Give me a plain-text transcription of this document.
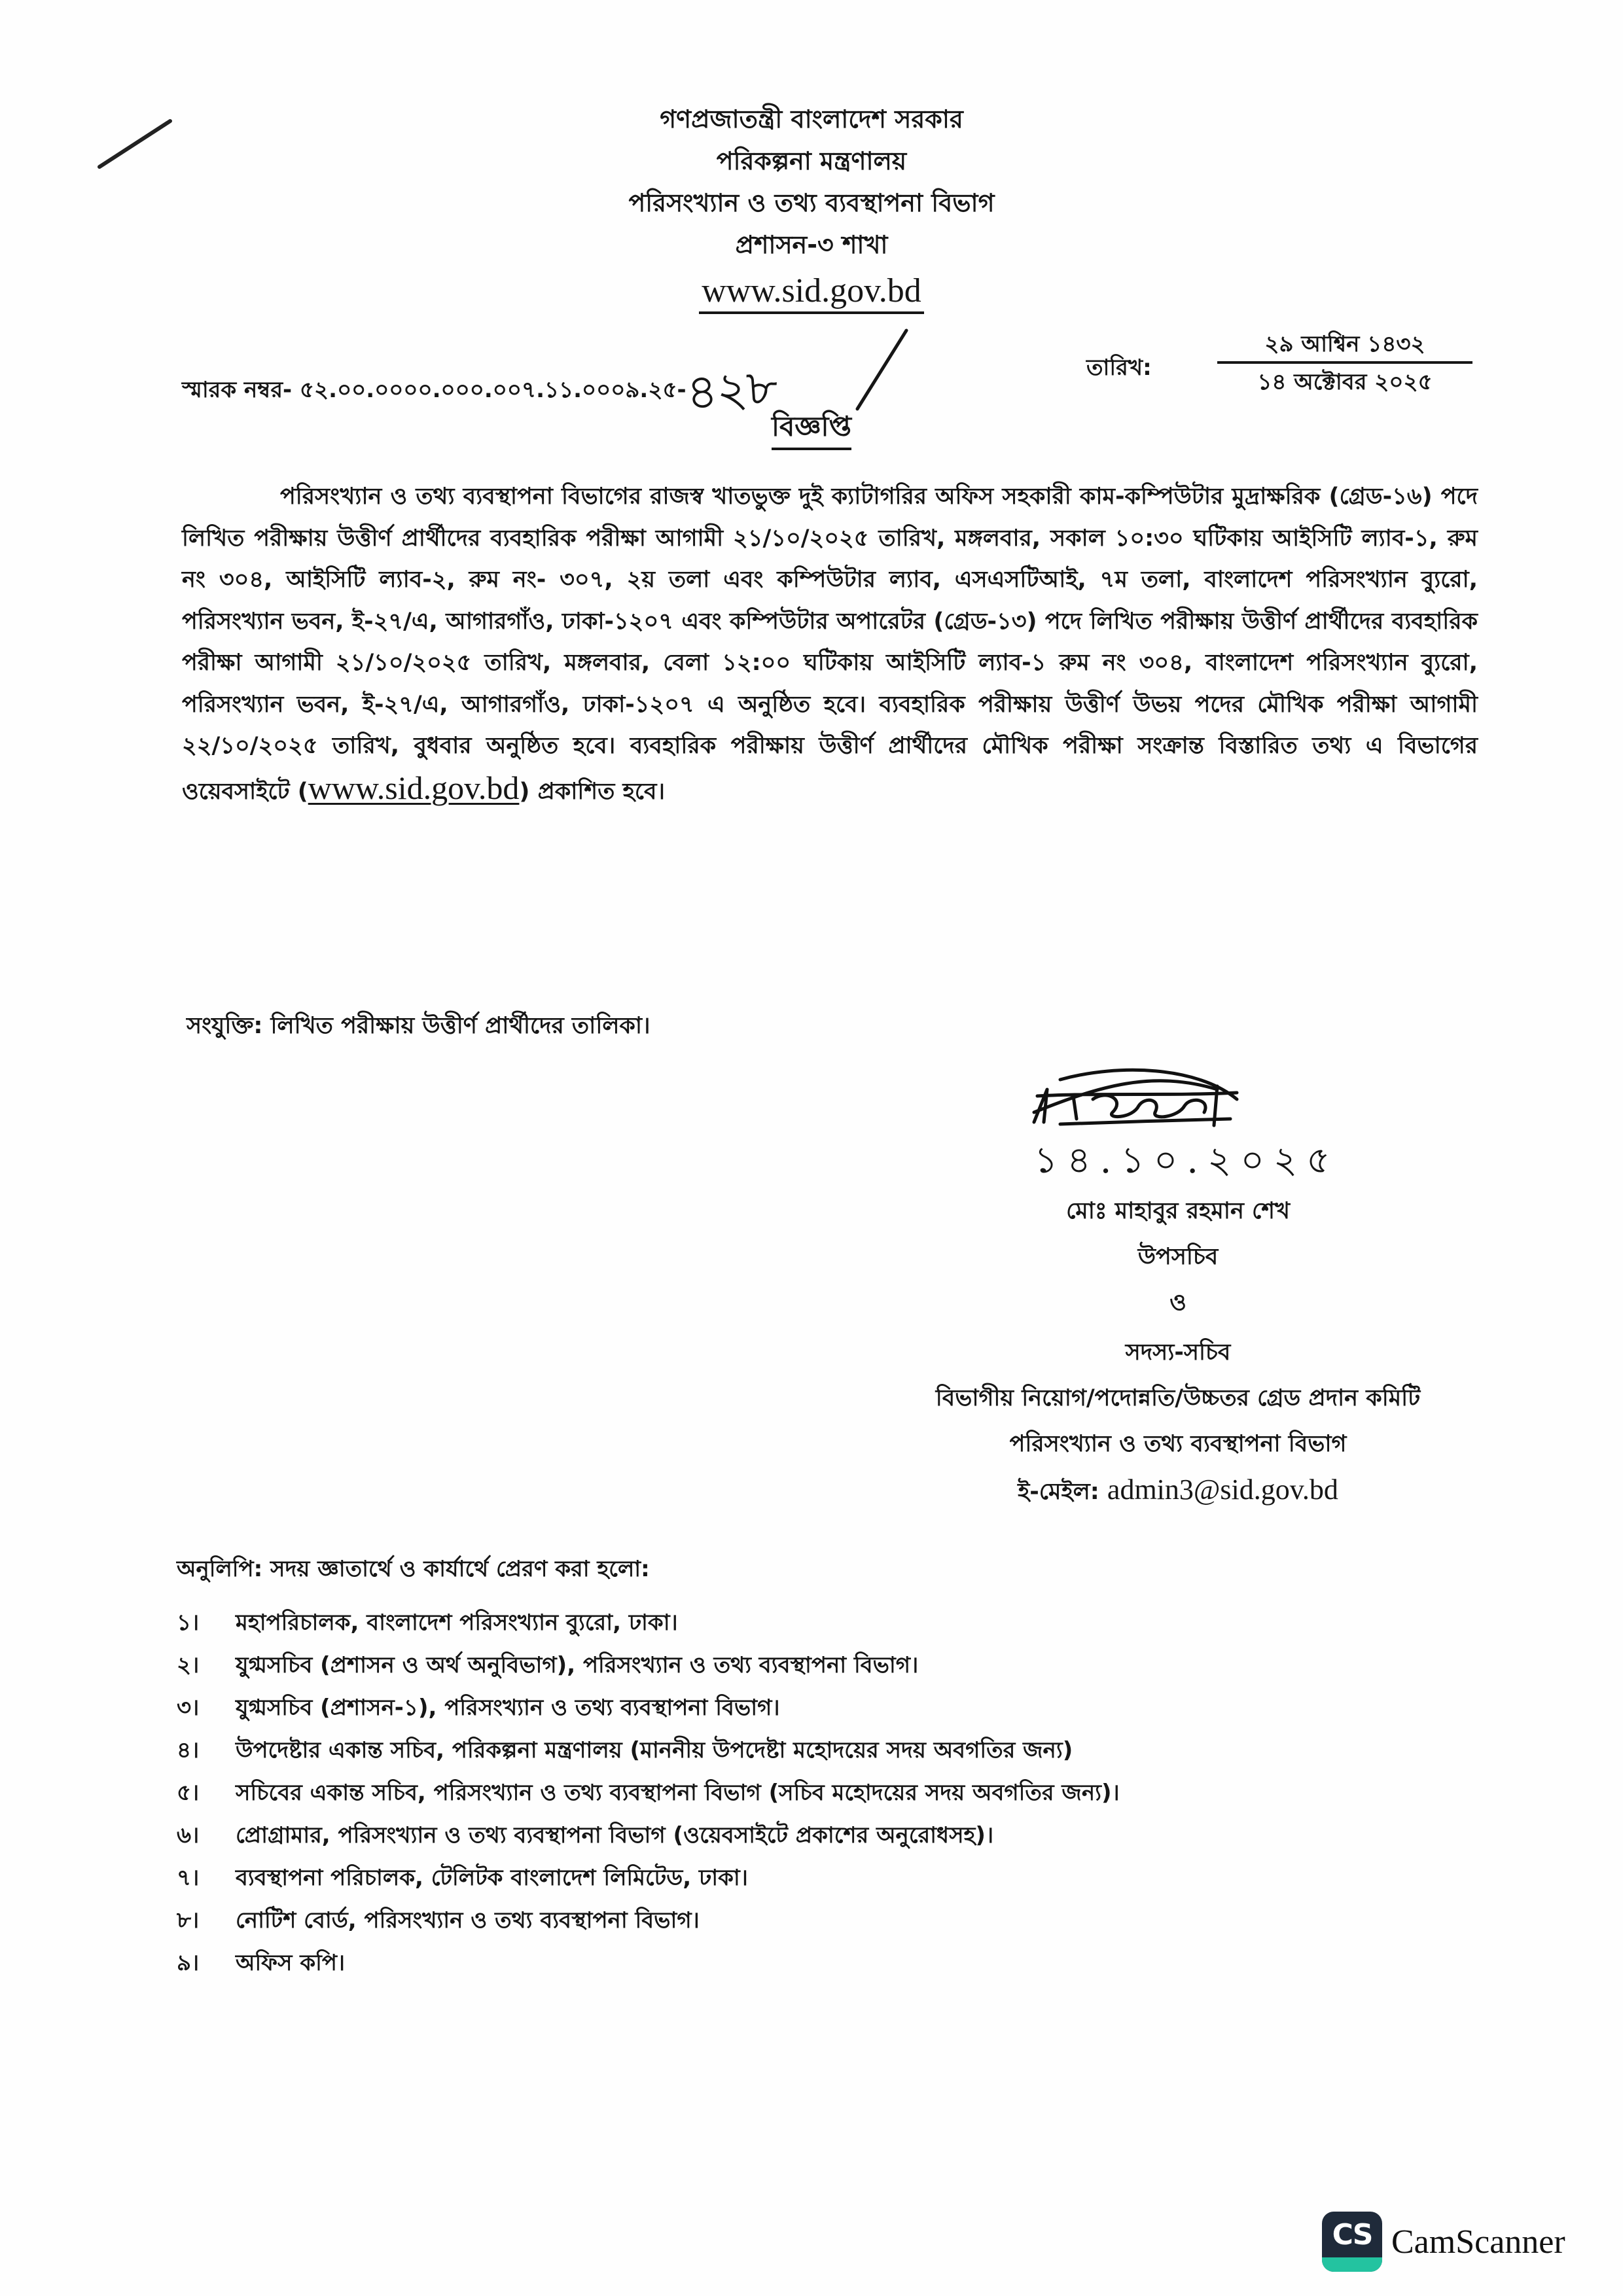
গণপ্রজাতন্ত্রী বাংলাদেশ সরকার
পরিকল্পনা মন্ত্রণালয়
পরিসংখ্যান ও তথ্য ব্যবস্থাপনা বিভাগ
প্রশাসন-৩ শাখা
www.sid.gov.bd
স্মারক নম্বর- ৫২.০০.০০০০.০০০.০০৭.১১.০০০৯.২৫-৪২৮	তারিখ:
২৯ আশ্বিন ১৪৩২
১৪ অক্টোবর ২০২৫
বিজ্ঞপ্তি

পরিসংখ্যান ও তথ্য ব্যবস্থাপনা বিভাগের রাজস্ব খাতভুক্ত দুই ক্যাটাগরির অফিস সহকারী কাম-কম্পিউটার মুদ্রাক্ষরিক (গ্রেড-১৬) পদে লিখিত পরীক্ষায় উত্তীর্ণ প্রার্থীদের ব্যবহারিক পরীক্ষা আগামী ২১/১০/২০২৫ তারিখ, মঙ্গলবার, সকাল ১০:৩০ ঘটিকায় আইসিটি ল্যাব-১, রুম নং ৩০৪, আইসিটি ল্যাব-২, রুম নং- ৩০৭, ২য় তলা এবং কম্পিউটার ল্যাব, এসএসটিআই, ৭ম তলা, বাংলাদেশ পরিসংখ্যান ব্যুরো, পরিসংখ্যান ভবন, ই-২৭/এ, আগারগাঁও, ঢাকা-১২০৭ এবং কম্পিউটার অপারেটর (গ্রেড-১৩) পদে লিখিত পরীক্ষায় উত্তীর্ণ প্রার্থীদের ব্যবহারিক পরীক্ষা আগামী ২১/১০/২০২৫ তারিখ, মঙ্গলবার, বেলা ১২:০০ ঘটিকায় আইসিটি ল্যাব-১ রুম নং ৩০৪, বাংলাদেশ পরিসংখ্যান ব্যুরো, পরিসংখ্যান ভবন, ই-২৭/এ, আগারগাঁও, ঢাকা-১২০৭ এ অনুষ্ঠিত হবে। ব্যবহারিক পরীক্ষায় উত্তীর্ণ উভয় পদের মৌখিক পরীক্ষা আগামী ২২/১০/২০২৫ তারিখ, বুধবার অনুষ্ঠিত হবে। ব্যবহারিক পরীক্ষায় উত্তীর্ণ প্রার্থীদের মৌখিক পরীক্ষা সংক্রান্ত বিস্তারিত তথ্য এ বিভাগের ওয়েবসাইটে (www.sid.gov.bd) প্রকাশিত হবে।

সংযুক্তি: লিখিত পরীক্ষায় উত্তীর্ণ প্রার্থীদের তালিকা।
১৪.১০.২০২৫
মোঃ মাহাবুর রহমান শেখ
উপসচিব
ও
সদস্য-সচিব
বিভাগীয় নিয়োগ/পদোন্নতি/উচ্চতর গ্রেড প্রদান কমিটি
পরিসংখ্যান ও তথ্য ব্যবস্থাপনা বিভাগ
ই-মেইল: admin3@sid.gov.bd
অনুলিপি: সদয় জ্ঞাতার্থে ও কার্যার্থে প্রেরণ করা হলো:
১।	মহাপরিচালক, বাংলাদেশ পরিসংখ্যান ব্যুরো, ঢাকা।
২।	যুগ্মসচিব (প্রশাসন ও অর্থ অনুবিভাগ), পরিসংখ্যান ও তথ্য ব্যবস্থাপনা বিভাগ।
৩।	যুগ্মসচিব (প্রশাসন-১), পরিসংখ্যান ও তথ্য ব্যবস্থাপনা বিভাগ।
৪।	উপদেষ্টার একান্ত সচিব, পরিকল্পনা মন্ত্রণালয় (মাননীয় উপদেষ্টা মহোদয়ের সদয় অবগতির জন্য)
৫।	সচিবের একান্ত সচিব, পরিসংখ্যান ও তথ্য ব্যবস্থাপনা বিভাগ (সচিব মহোদয়ের সদয় অবগতির জন্য)।
৬।	প্রোগ্রামার, পরিসংখ্যান ও তথ্য ব্যবস্থাপনা বিভাগ (ওয়েবসাইটে প্রকাশের অনুরোধসহ)।
৭।	ব্যবস্থাপনা পরিচালক, টেলিটক বাংলাদেশ লিমিটেড, ঢাকা।
৮।	নোটিশ বোর্ড, পরিসংখ্যান ও তথ্য ব্যবস্থাপনা বিভাগ।
৯।	অফিস কপি।
CS CamScanner
